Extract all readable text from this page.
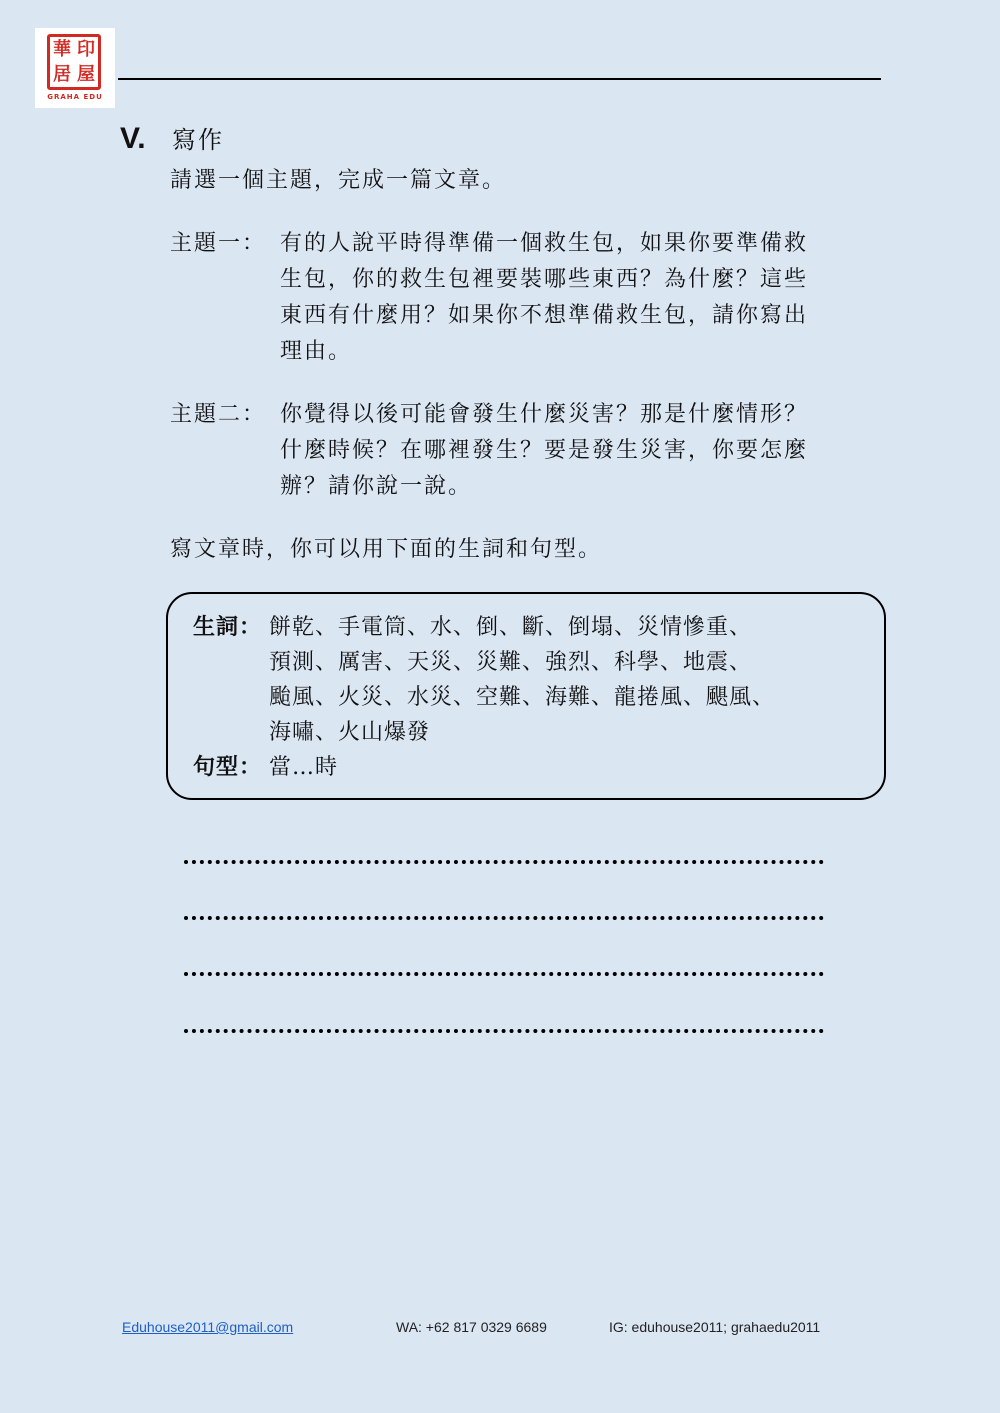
華 印
居 屋
GRAHA EDU
V.	寫作
請選一個主題，完成一篇文章。
主題一： 有的人說平時得準備一個救生包，如果你要準備救
生包，你的救生包裡要裝哪些東西？為什麼？這些
東西有什麼用？如果你不想準備救生包，請你寫出
理由。
主題二： 你覺得以後可能會發生什麼災害？那是什麼情形？
什麼時候？在哪裡發生？要是發生災害，你要怎麼
辦？請你說一說。
寫文章時，你可以用下面的生詞和句型。
生詞： 餅乾、手電筒、水、倒、斷、倒塌、災情慘重、
預測、厲害、天災、災難、強烈、科學、地震、
颱風、火災、水災、空難、海難、龍捲風、颶風、
海嘯、火山爆發
句型： 當…時
Eduhouse2011@gmail.com	WA: +62 817 0329 6689	IG: eduhouse2011; grahaedu2011
